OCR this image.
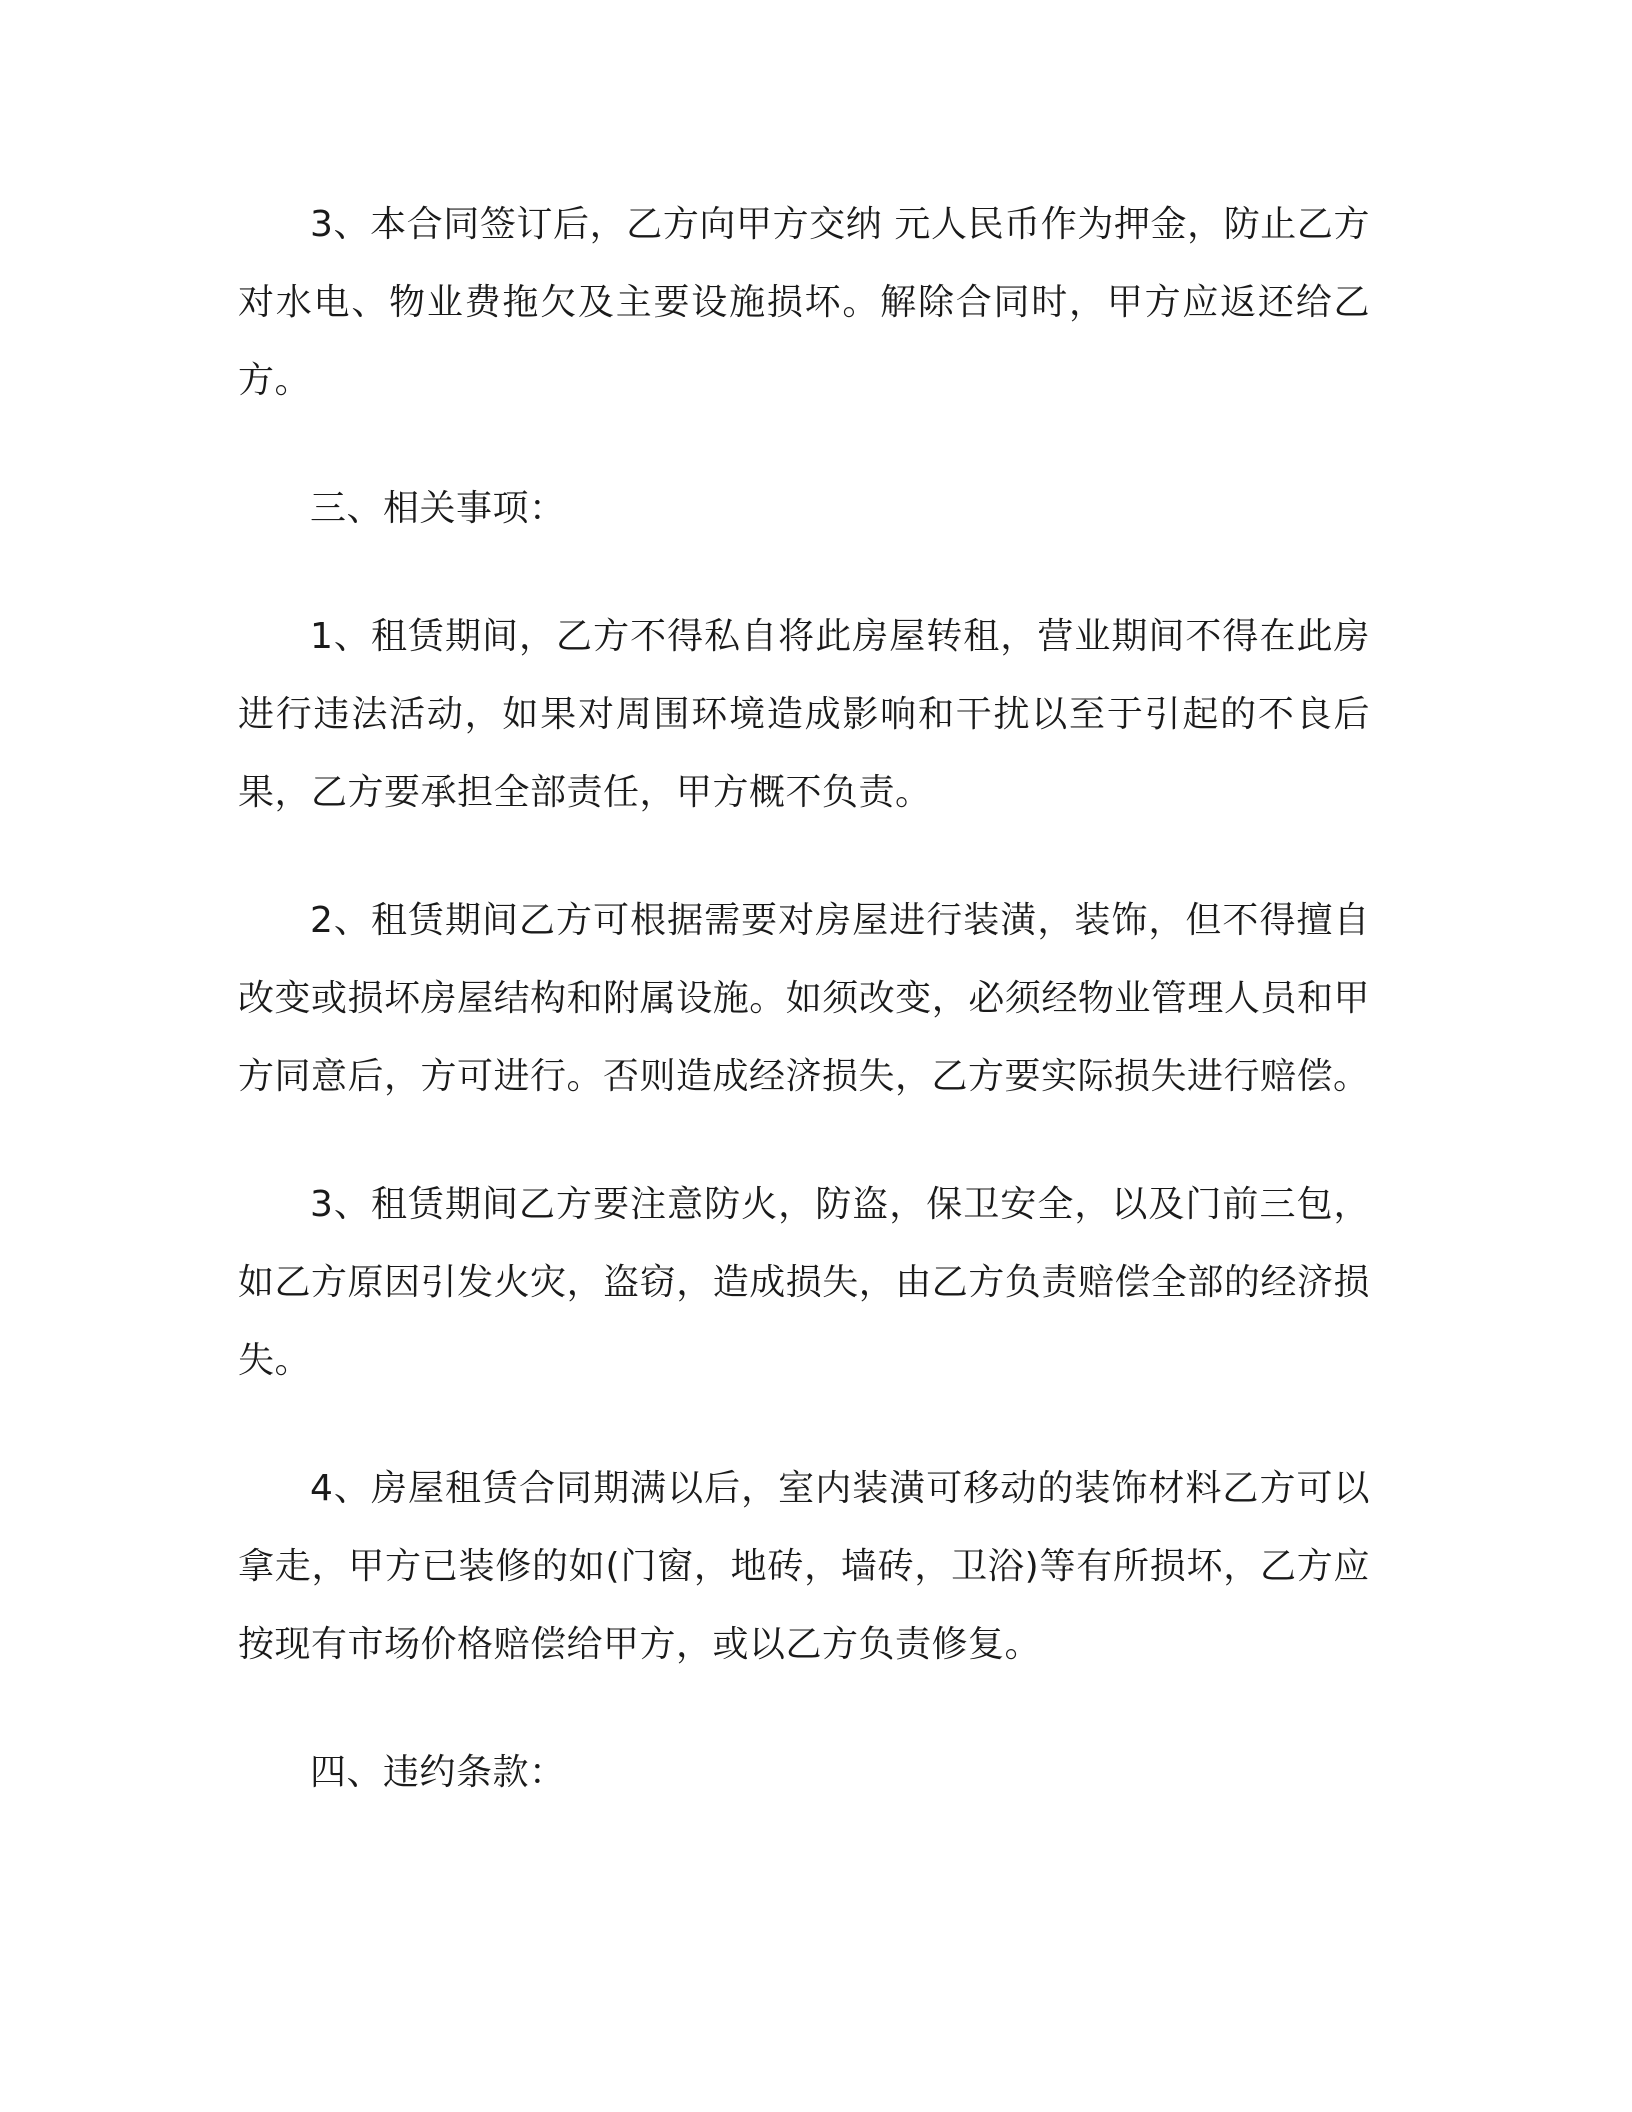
3、本合同签订后，乙方向甲方交纳 元人民币作为押金，防止乙方对水电、物业费拖欠及主要设施损坏。解除合同时，甲方应返还给乙方。

三、相关事项：

1、租赁期间，乙方不得私自将此房屋转租，营业期间不得在此房进行违法活动，如果对周围环境造成影响和干扰以至于引起的不良后果，乙方要承担全部责任，甲方概不负责。

2、租赁期间乙方可根据需要对房屋进行装潢，装饰，但不得擅自改变或损坏房屋结构和附属设施。如须改变，必须经物业管理人员和甲方同意后，方可进行。否则造成经济损失，乙方要实际损失进行赔偿。

3、租赁期间乙方要注意防火，防盗，保卫安全，以及门前三包，如乙方原因引发火灾，盗窃，造成损失，由乙方负责赔偿全部的经济损失。

4、房屋租赁合同期满以后，室内装潢可移动的装饰材料乙方可以拿走，甲方已装修的如(门窗，地砖，墙砖，卫浴)等有所损坏，乙方应按现有市场价格赔偿给甲方，或以乙方负责修复。

四、违约条款：
